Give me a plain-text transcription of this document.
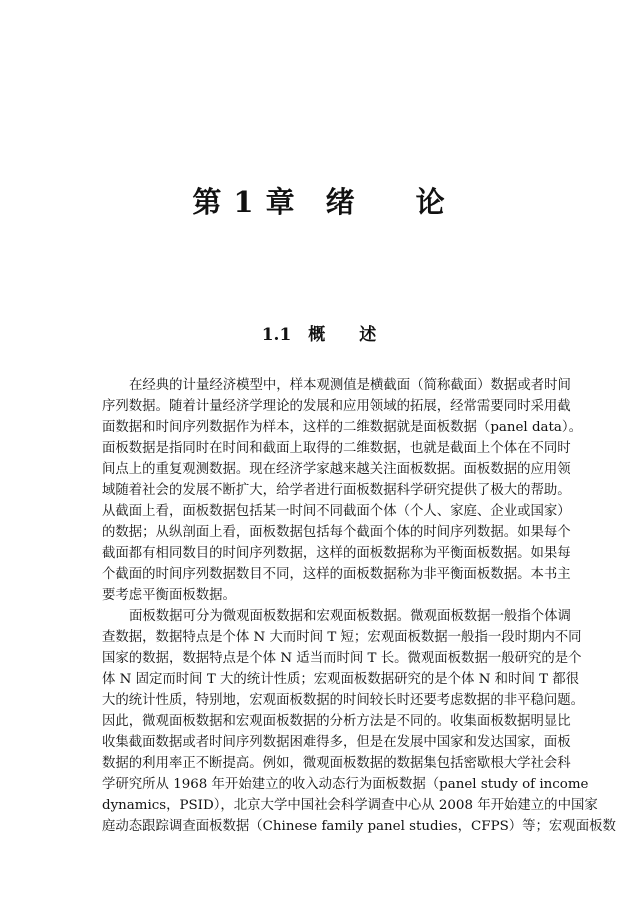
第 1 章　绪　　论
1.1　概　　述
在经典的计量经济模型中，样本观测值是横截面（简称截面）数据或者时间
序列数据。随着计量经济学理论的发展和应用领域的拓展，经常需要同时采用截
面数据和时间序列数据作为样本，这样的二维数据就是面板数据（panel data）。
面板数据是指同时在时间和截面上取得的二维数据，也就是截面上个体在不同时
间点上的重复观测数据。现在经济学家越来越关注面板数据。面板数据的应用领
域随着社会的发展不断扩大，给学者进行面板数据科学研究提供了极大的帮助。
从截面上看，面板数据包括某一时间不同截面个体（个人、家庭、企业或国家）
的数据；从纵剖面上看，面板数据包括每个截面个体的时间序列数据。如果每个
截面都有相同数目的时间序列数据，这样的面板数据称为平衡面板数据。如果每
个截面的时间序列数据数目不同，这样的面板数据称为非平衡面板数据。本书主
要考虑平衡面板数据。
面板数据可分为微观面板数据和宏观面板数据。微观面板数据一般指个体调
查数据，数据特点是个体 N 大而时间 T 短；宏观面板数据一般指一段时期内不同
国家的数据，数据特点是个体 N 适当而时间 T 长。微观面板数据一般研究的是个
体 N 固定而时间 T 大的统计性质；宏观面板数据研究的是个体 N 和时间 T 都很
大的统计性质，特别地，宏观面板数据的时间较长时还要考虑数据的非平稳问题。
因此，微观面板数据和宏观面板数据的分析方法是不同的。收集面板数据明显比
收集截面数据或者时间序列数据困难得多，但是在发展中国家和发达国家，面板
数据的利用率正不断提高。例如，微观面板数据的数据集包括密歇根大学社会科
学研究所从 1968 年开始建立的收入动态行为面板数据（panel study of income
dynamics，PSID），北京大学中国社会科学调查中心从 2008 年开始建立的中国家
庭动态跟踪调查面板数据（Chinese family panel studies，CFPS）等；宏观面板数
